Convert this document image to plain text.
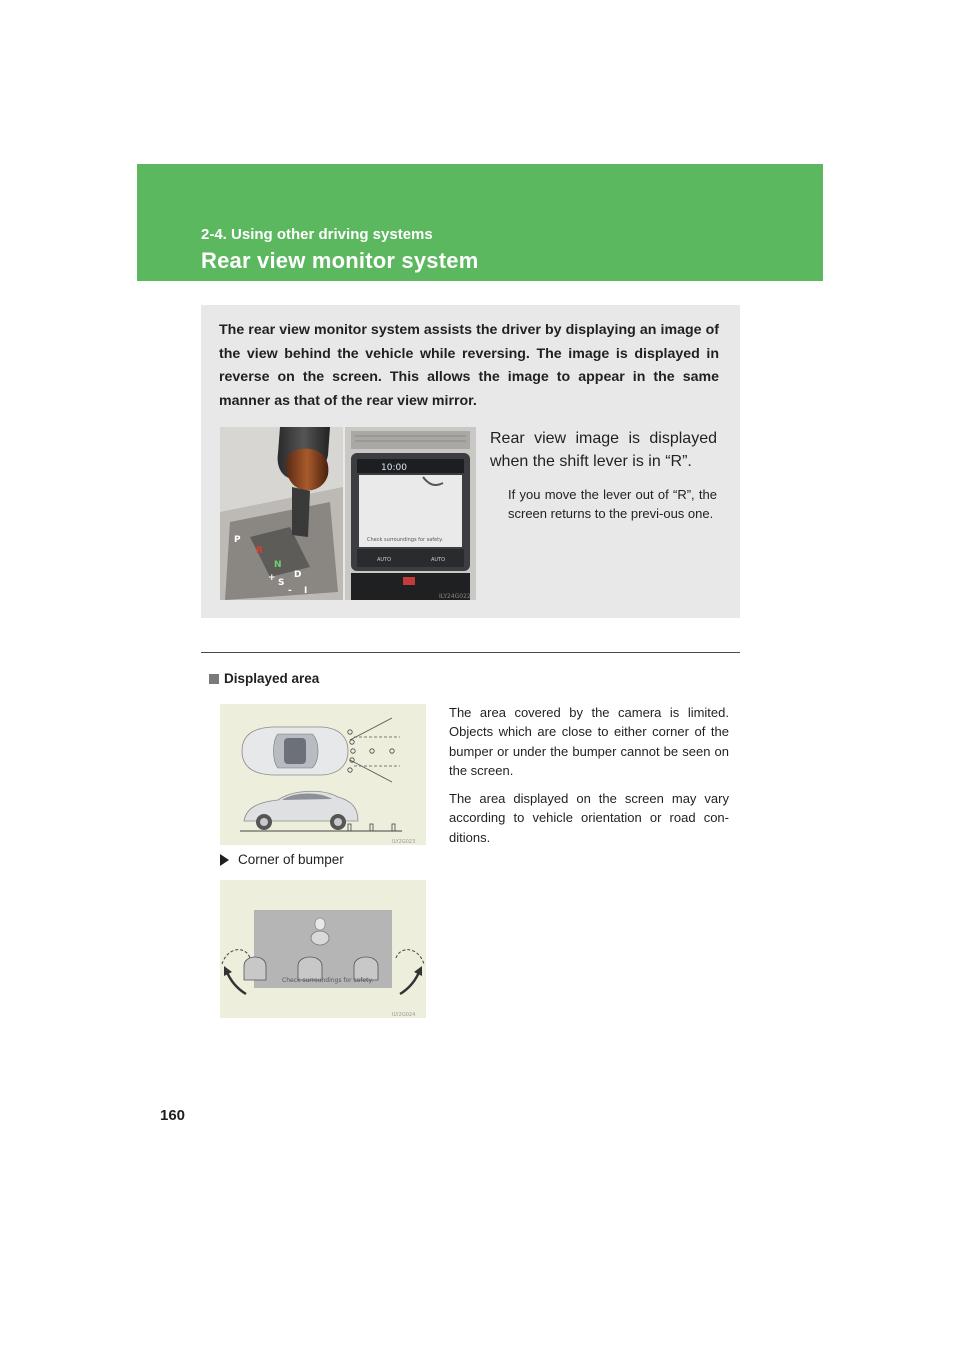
2-4. Using other driving systems
Rear view monitor system
The rear view monitor system assists the driver by displaying an image of the view behind the vehicle while reversing. The image is displayed in reverse on the screen. This allows the image to appear in the same manner as that of the rear view mirror.
P
R
N
+ S
-
D
I
10:00
Check surroundings for safety.
AUTO	AUTO
ILY24G022
Rear view image is displayed when the shift lever is in “R”.
If you move the lever out of “R”, the screen returns to the previ-ous one.
Displayed area

The area covered by the camera is limited. Objects which are close to either corner of the bumper or under the bumper cannot be seen on the screen.

The area displayed on the screen may vary according to vehicle orientation or road con-ditions.

ILY2G023
Corner of bumper
Check surroundings for safety.
ILY2G024
160
